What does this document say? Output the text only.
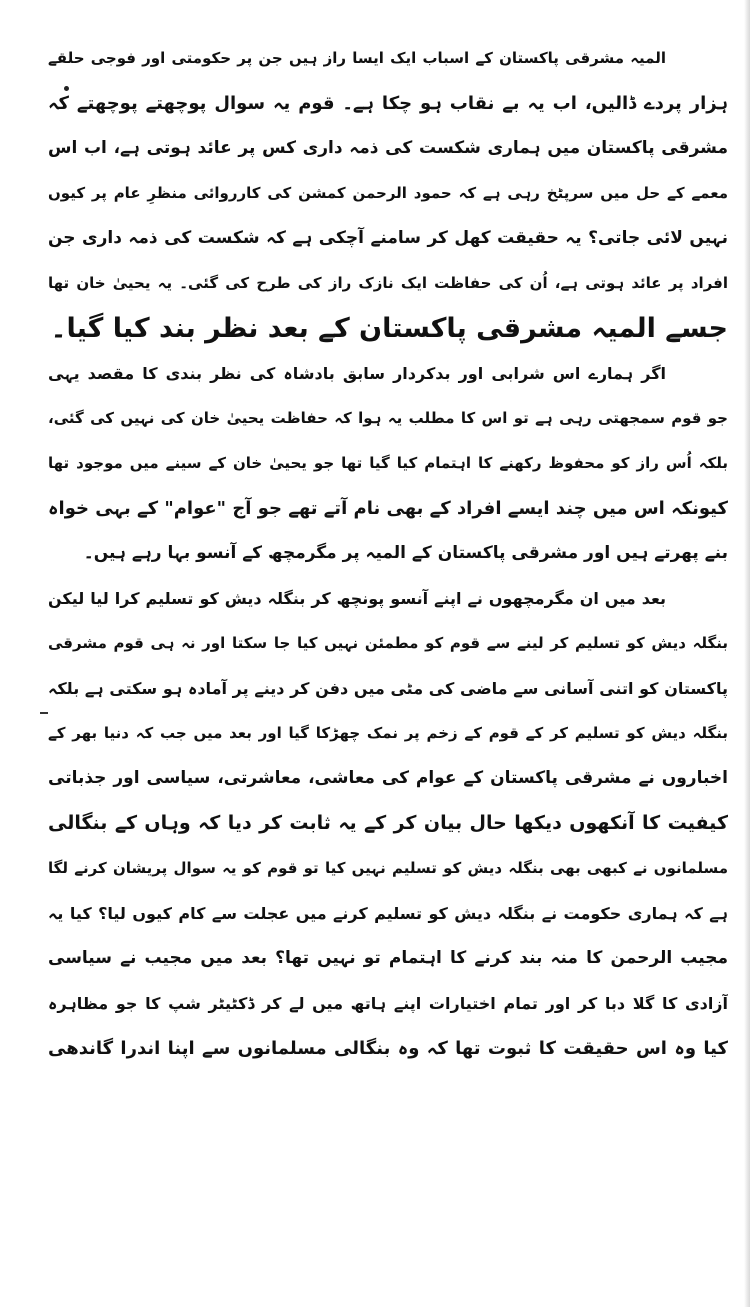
المیہ مشرقی پاکستان کے اسباب ایک ایسا راز ہیں جن پر حکومتی اور فوجی حلقے
ہزار پردے ڈالیں، اب یہ بے نقاب ہو چکا ہے۔ قوم یہ سوال پوچھتے پوچھتے کہ
مشرقی پاکستان میں ہماری شکست کی ذمہ داری کس پر عائد ہوتی ہے، اب اس
معمے کے حل میں سرپٹخ رہی ہے کہ حمود الرحمن کمشن کی کارروائی منظرِ عام پر کیوں
نہیں لائی جاتی؟ یہ حقیقت کھل کر سامنے آچکی ہے کہ شکست کی ذمہ داری جن
افراد پر عائد ہوتی ہے، اُن کی حفاظت ایک نازک راز کی طرح کی گئی۔ یہ یحییٰ خان تھا
جسے المیہ مشرقی پاکستان کے بعد نظر بند کیا گیا۔
اگر ہمارے اس شرابی اور بدکردار سابق بادشاہ کی نظر بندی کا مقصد یہی
جو قوم سمجھتی رہی ہے تو اس کا مطلب یہ ہوا کہ حفاظت یحییٰ خان کی نہیں کی گئی،
بلکہ اُس راز کو محفوظ رکھنے کا اہتمام کیا گیا تھا جو یحییٰ خان کے سینے میں موجود تھا
کیونکہ اس میں چند ایسے افراد کے بھی نام آتے تھے جو آج "عوام" کے بہی خواہ
بنے پھرتے ہیں اور مشرقی پاکستان کے المیہ پر مگرمچھ کے آنسو بہا رہے ہیں۔
بعد میں ان مگرمچھوں نے اپنے آنسو پونچھ کر بنگلہ دیش کو تسلیم کرا لیا لیکن
بنگلہ دیش کو تسلیم کر لینے سے قوم کو مطمئن نہیں کیا جا سکتا اور نہ ہی قوم مشرقی
پاکستان کو اتنی آسانی سے ماضی کی مٹی میں دفن کر دینے پر آمادہ ہو سکتی ہے بلکہ
بنگلہ دیش کو تسلیم کر کے قوم کے زخم پر نمک چھڑکا گیا اور بعد میں جب کہ دنیا بھر کے
اخباروں نے مشرقی پاکستان کے عوام کی معاشی، معاشرتی، سیاسی اور جذباتی
کیفیت کا آنکھوں دیکھا حال بیان کر کے یہ ثابت کر دیا کہ وہاں کے بنگالی
مسلمانوں نے کبھی بھی بنگلہ دیش کو تسلیم نہیں کیا تو قوم کو یہ سوال پریشان کرنے لگا
ہے کہ ہماری حکومت نے بنگلہ دیش کو تسلیم کرنے میں عجلت سے کام کیوں لیا؟ کیا یہ
مجیب الرحمن کا منہ بند کرنے کا اہتمام تو نہیں تھا؟ بعد میں مجیب نے سیاسی
آزادی کا گلا دبا کر اور تمام اختیارات اپنے ہاتھ میں لے کر ڈکٹیٹر شپ کا جو مظاہرہ
کیا وہ اس حقیقت کا ثبوت تھا کہ وہ بنگالی مسلمانوں سے اپنا اندرا گاندھی
